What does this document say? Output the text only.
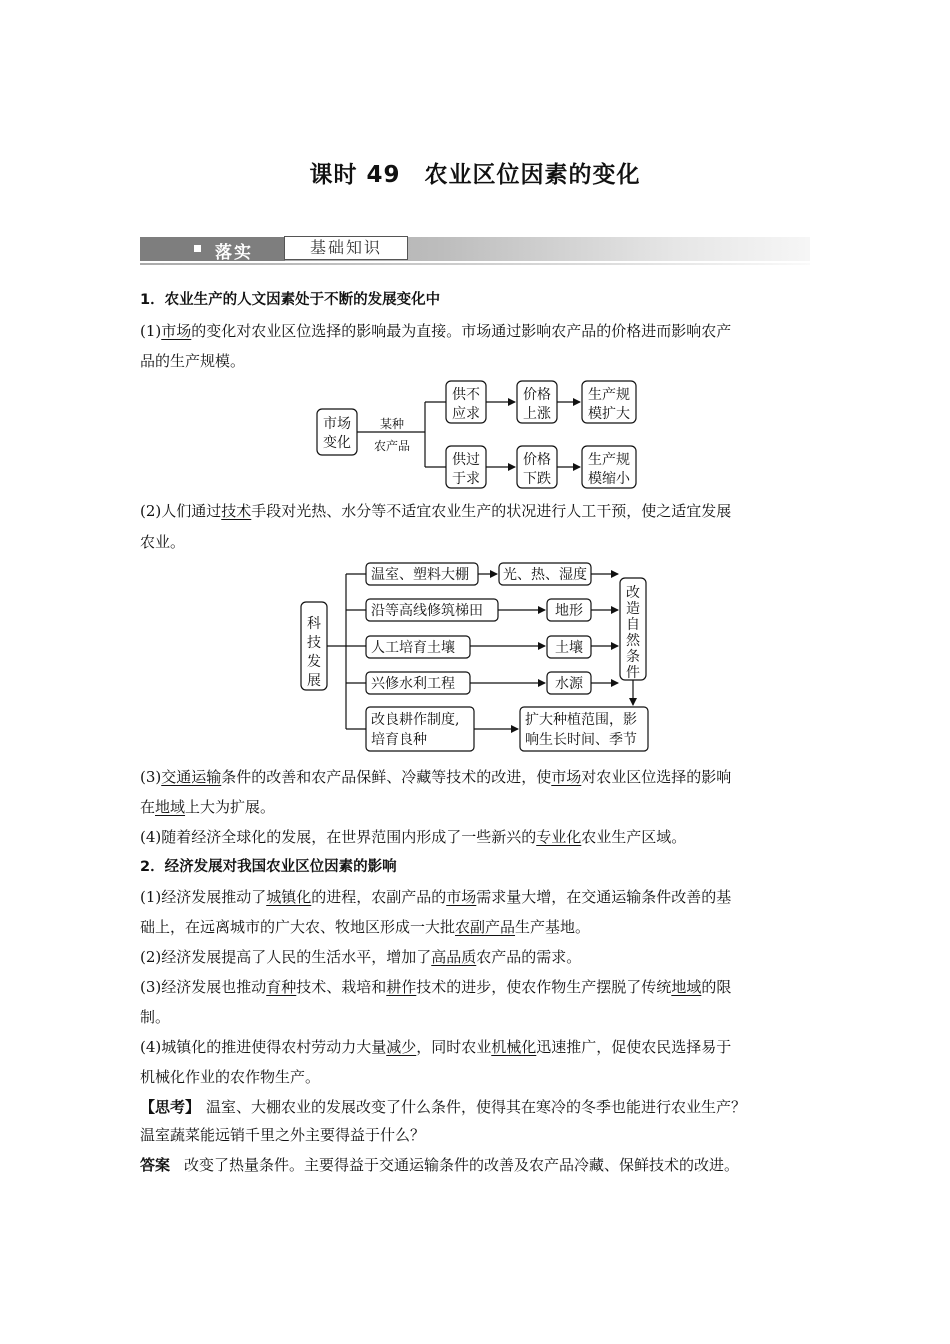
课时 49　农业区位因素的变化
落实	基础知识
1．农业生产的人文因素处于不断的发展变化中
(1)市场的变化对农业区位选择的影响最为直接。市场通过影响农产品的价格进而影响农产
品的生产规模。
市场
变化
某种
农产品
供不
应求
价格
上涨
生产规
模扩大
供过
于求
价格
下跌
生产规
模缩小
科
技
发
展
温室、塑料大棚
沿等高线修筑梯田
人工培育土壤
兴修水利工程
光、热、湿度
地形
土壤
水源
改良耕作制度,
培育良种
扩大种植范围，影
响生长时间、季节
改
造
自
然
条
件
(2)人们通过技术手段对光热、水分等不适宜农业生产的状况进行人工干预，使之适宜发展
农业。
(3)交通运输条件的改善和农产品保鲜、冷藏等技术的改进，使市场对农业区位选择的影响
在地域上大为扩展。
(4)随着经济全球化的发展，在世界范围内形成了一些新兴的专业化农业生产区域。
2．经济发展对我国农业区位因素的影响
(1)经济发展推动了城镇化的进程，农副产品的市场需求量大增，在交通运输条件改善的基
础上，在远离城市的广大农、牧地区形成一大批农副产品生产基地。
(2)经济发展提高了人民的生活水平，增加了高品质农产品的需求。
(3)经济发展也推动育种技术、栽培和耕作技术的进步，使农作物生产摆脱了传统地域的限
制。
(4)城镇化的推进使得农村劳动力大量减少，同时农业机械化迅速推广，促使农民选择易于
机械化作业的农作物生产。
【思考】 温室、大棚农业的发展改变了什么条件，使得其在寒冷的冬季也能进行农业生产？
温室蔬菜能远销千里之外主要得益于什么？
答案 改变了热量条件。主要得益于交通运输条件的改善及农产品冷藏、保鲜技术的改进。
